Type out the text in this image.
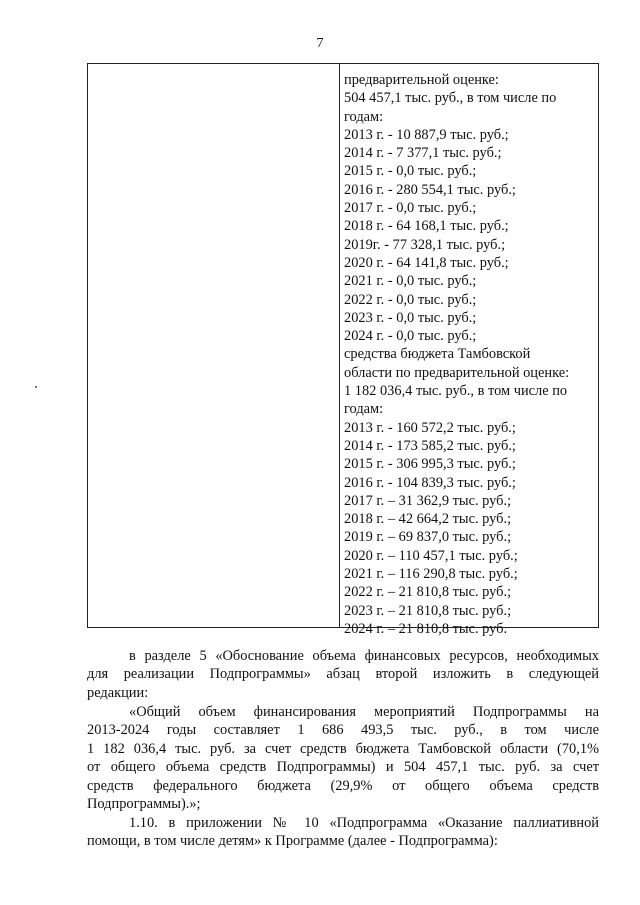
7
предварительной оценке:
504 457,1 тыс. руб., в том числе по
годам:
2013 г. - 10 887,9 тыс. руб.;
2014 г. - 7 377,1 тыс. руб.;
2015 г. - 0,0 тыс. руб.;
2016 г. - 280 554,1 тыс. руб.;
2017 г. - 0,0 тыс. руб.;
2018 г. - 64 168,1 тыс. руб.;
2019г. - 77 328,1 тыс. руб.;
2020 г. - 64 141,8 тыс. руб.;
2021 г. - 0,0 тыс. руб.;
2022 г. - 0,0 тыс. руб.;
2023 г. - 0,0 тыс. руб.;
2024 г. - 0,0 тыс. руб.;
средства бюджета Тамбовской
области по предварительной оценке:
1 182 036,4 тыс. руб., в том числе по
годам:
2013 г. - 160 572,2 тыс. руб.;
2014 г. - 173 585,2 тыс. руб.;
2015 г. - 306 995,3 тыс. руб.;
2016 г. - 104 839,3 тыс. руб.;
2017 г. – 31 362,9 тыс. руб.;
2018 г. – 42 664,2 тыс. руб.;
2019 г. – 69 837,0 тыс. руб.;
2020 г. – 110 457,1 тыс. руб.;
2021 г. – 116 290,8 тыс. руб.;
2022 г. – 21 810,8 тыс. руб.;
2023 г. – 21 810,8 тыс. руб.;
2024 г. – 21 810,8 тыс. руб.
в разделе 5 «Обоснование объема финансовых ресурсов, необходимых
для реализации Подпрограммы» абзац второй изложить в следующей
редакции:
«Общий объем финансирования мероприятий Подпрограммы на
2013-2024 годы составляет 1 686 493,5 тыс. руб., в том числе
1 182 036,4 тыс. руб. за счет средств бюджета Тамбовской области (70,1%
от общего объема средств Подпрограммы) и 504 457,1 тыс. руб. за счет
средств федерального бюджета (29,9% от общего объема средств
Подпрограммы).»;
1.10. в приложении № 10 «Подпрограмма «Оказание паллиативной
помощи, в том числе детям» к Программе (далее - Подпрограмма):
